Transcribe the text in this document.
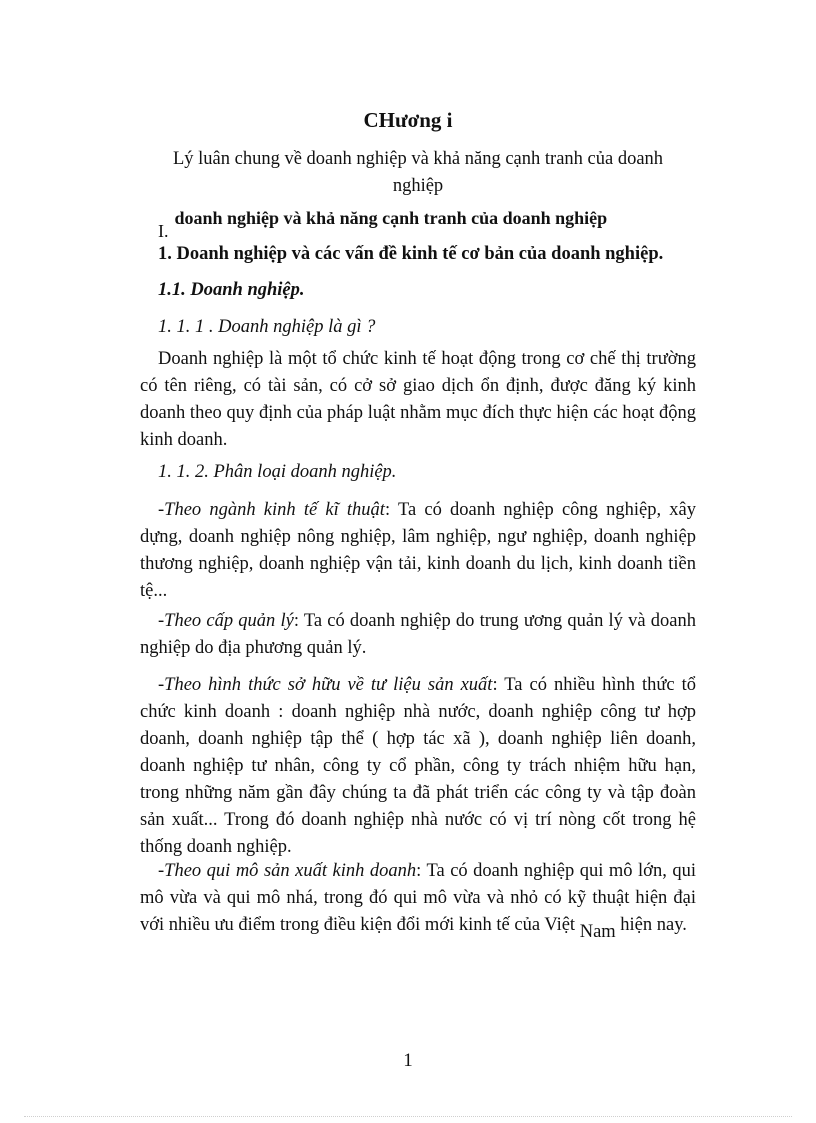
CHương i
Lý luân chung về doanh nghiệp và khả năng cạnh tranh của doanh nghiệp
I.doanh nghiệp và khả năng cạnh tranh của doanh nghiệp
1. Doanh nghiệp và các vấn đề kinh tế cơ bản của doanh nghiệp.
1.1. Doanh nghiệp.
1. 1. 1 . Doanh nghiệp là gì ?
Doanh nghiệp là một tổ chức kinh tế hoạt động trong cơ chế thị trường có tên riêng, có tài sản, có cở sở giao dịch ổn định, được đăng ký kinh doanh theo quy định của pháp luật nhằm mục đích thực hiện các hoạt động kinh doanh.
1. 1. 2. Phân loại doanh nghiệp.
-Theo ngành kinh tế kĩ thuật: Ta có doanh nghiệp công nghiệp, xây dựng, doanh nghiệp nông nghiệp, lâm nghiệp, ngư nghiệp, doanh nghiệp thương nghiệp, doanh nghiệp vận tải, kinh doanh du lịch, kinh doanh tiền tệ...
-Theo cấp quản lý: Ta có doanh nghiệp do trung ương quản lý và doanh nghiệp do địa phương quản lý.
-Theo hình thức sở hữu về tư liệu sản xuất: Ta có nhiều hình thức tổ chức kinh doanh : doanh nghiệp nhà nước, doanh nghiệp công tư hợp doanh, doanh nghiệp tập thể ( hợp tác xã ), doanh nghiệp liên doanh, doanh nghiệp tư nhân, công ty cổ phần, công ty trách nhiệm hữu hạn, trong những năm gần đây chúng ta đã phát triển các công ty và tập đoàn sản xuất... Trong đó doanh nghiệp nhà nước có vị trí nòng cốt trong hệ thống doanh nghiệp.
-Theo qui mô sản xuất kinh doanh: Ta có doanh nghiệp qui mô lớn, qui mô vừa và qui mô nhá, trong đó qui mô vừa và nhỏ có kỹ thuật hiện đại với nhiều ưu điểm trong điều kiện đổi mới kinh tế của Việt Nam hiện nay.
1
